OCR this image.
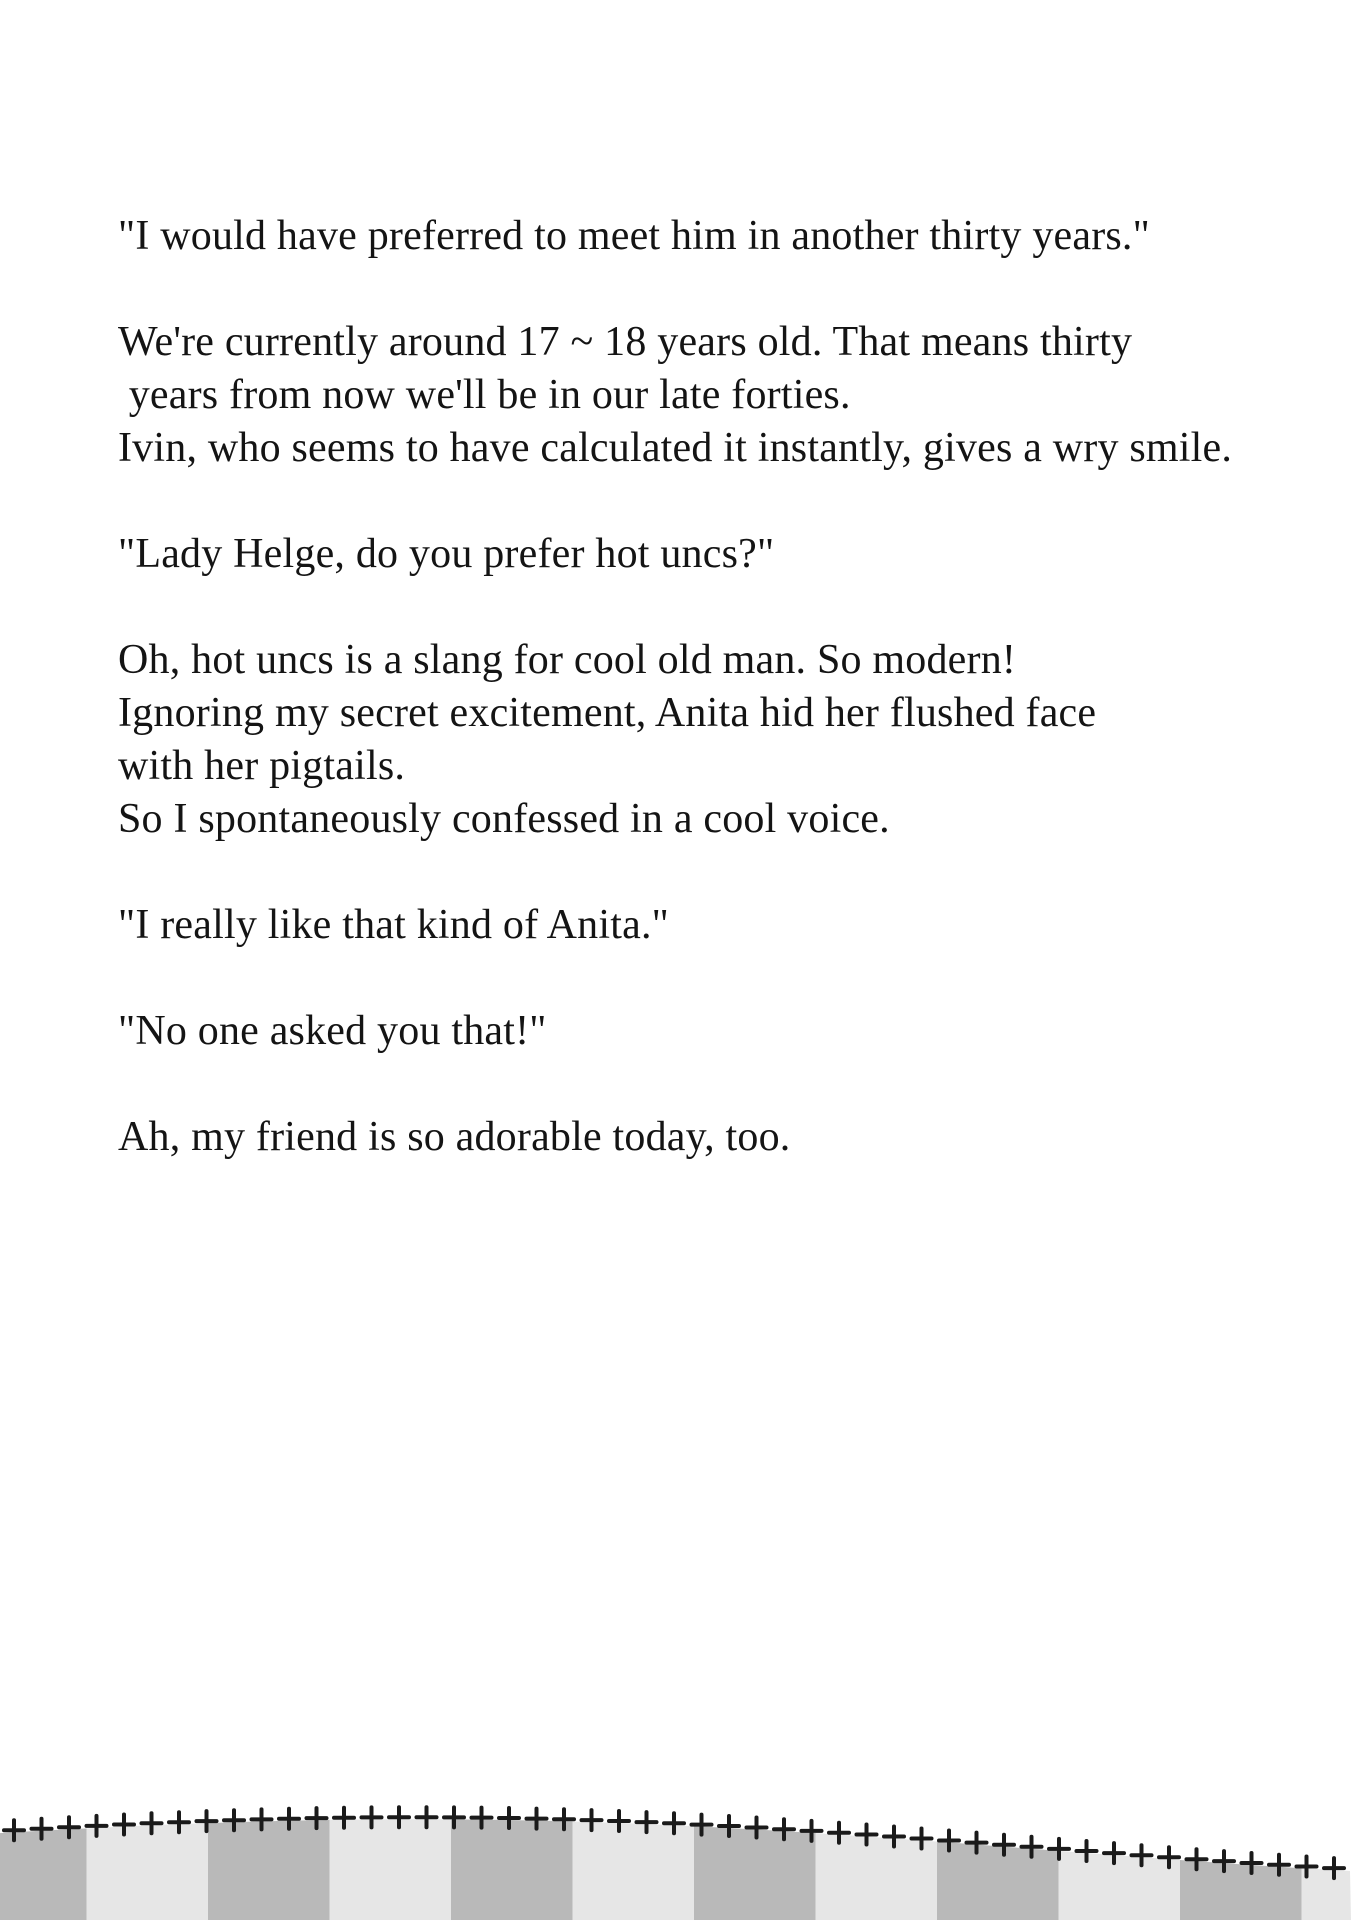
"I would have preferred to meet him in another thirty years."

We're currently around 17 ~ 18 years old. That means thirty
years from now we'll be in our late forties.
Ivin, who seems to have calculated it instantly, gives a wry smile.

"Lady Helge, do you prefer hot uncs?"

Oh, hot uncs is a slang for cool old man. So modern!
Ignoring my secret excitement, Anita hid her flushed face
with her pigtails.
So I spontaneously confessed in a cool voice.

"I really like that kind of Anita."

"No one asked you that!"

Ah, my friend is so adorable today, too.
